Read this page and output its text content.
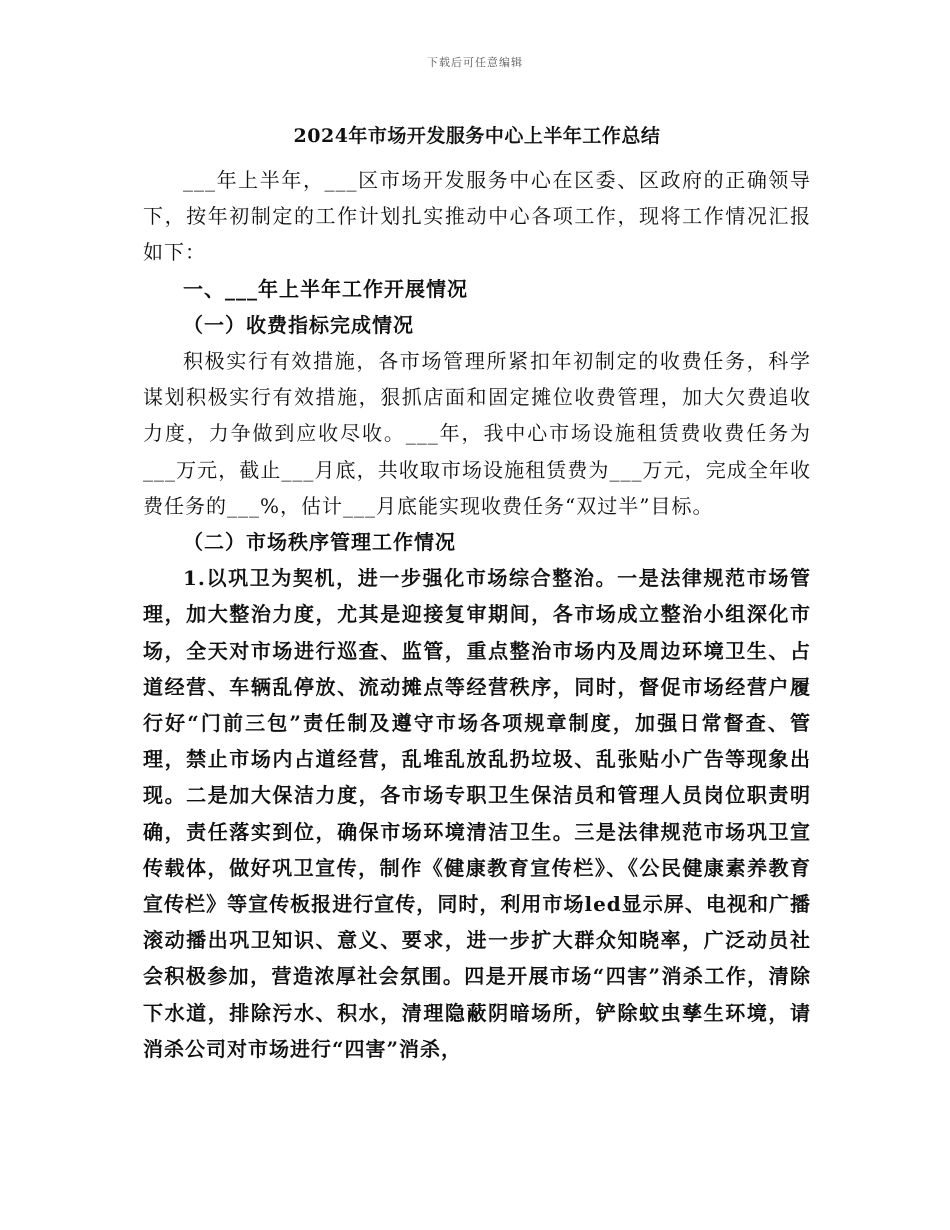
下载后可任意编辑
2024年市场开发服务中心上半年工作总结

___年上半年，___区市场开发服务中心在区委、区政府的正确领导下，按年初制定的工作计划扎实推动中心各项工作，现将工作情况汇报如下：

一、___年上半年工作开展情况

（一）收费指标完成情况

积极实行有效措施，各市场管理所紧扣年初制定的收费任务，科学谋划积极实行有效措施，狠抓店面和固定摊位收费管理，加大欠费追收力度，力争做到应收尽收。___年，我中心市场设施租赁费收费任务为___万元，截止___月底，共收取市场设施租赁费为___万元，完成全年收费任务的___%，估计___月底能实现收费任务“双过半”目标。

（二）市场秩序管理工作情况

1.以巩卫为契机，进一步强化市场综合整治。一是法律规范市场管理，加大整治力度，尤其是迎接复审期间，各市场成立整治小组深化市场，全天对市场进行巡查、监管，重点整治市场内及周边环境卫生、占道经营、车辆乱停放、流动摊点等经营秩序，同时，督促市场经营户履行好“门前三包”责任制及遵守市场各项规章制度，加强日常督查、管理，禁止市场内占道经营，乱堆乱放乱扔垃圾、乱张贴小广告等现象出现。二是加大保洁力度，各市场专职卫生保洁员和管理人员岗位职责明确，责任落实到位，确保市场环境清洁卫生。三是法律规范市场巩卫宣传载体，做好巩卫宣传，制作《健康教育宣传栏》、《公民健康素养教育宣传栏》等宣传板报进行宣传，同时，利用市场led显示屏、电视和广播滚动播出巩卫知识、意义、要求，进一步扩大群众知晓率，广泛动员社会积极参加，营造浓厚社会氛围。四是开展市场“四害”消杀工作，清除下水道，排除污水、积水，清理隐蔽阴暗场所，铲除蚊虫孳生环境，请消杀公司对市场进行“四害”消杀，
